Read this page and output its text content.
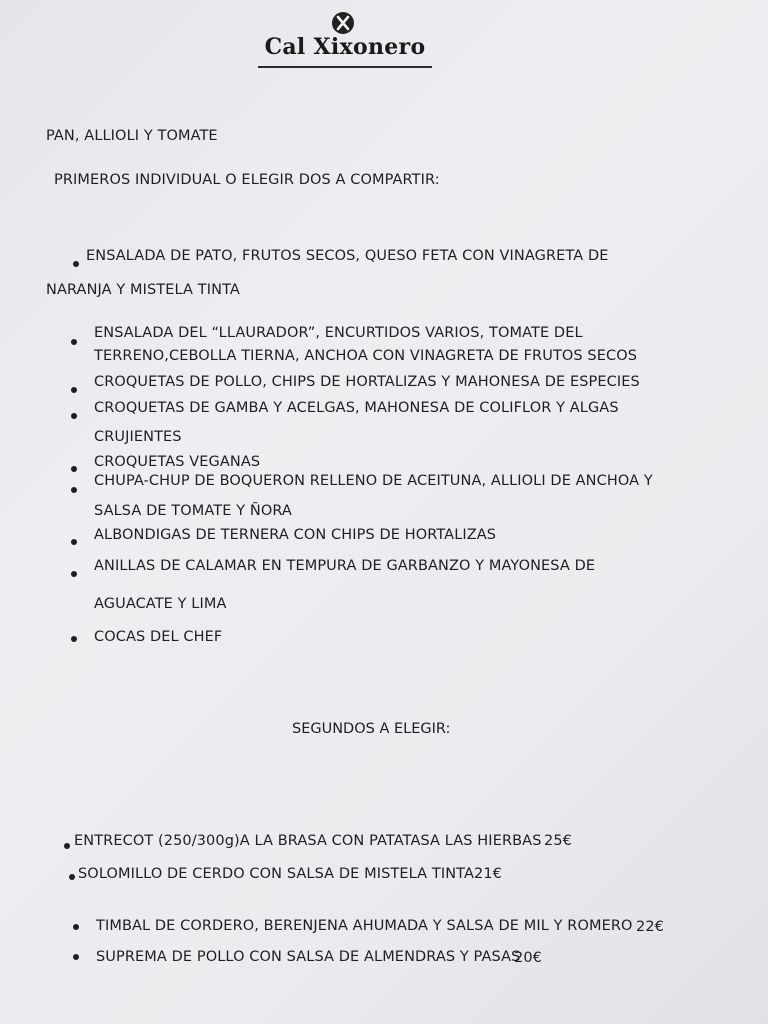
Cal Xixonero
PAN, ALLIOLI Y TOMATE
PRIMEROS INDIVIDUAL O ELEGIR DOS A COMPARTIR:
ENSALADA DE PATO, FRUTOS SECOS, QUESO FETA CON VINAGRETA DE
NARANJA Y MISTELA TINTA
ENSALADA DEL “LLAURADOR”, ENCURTIDOS VARIOS, TOMATE DEL
TERRENO,CEBOLLA TIERNA, ANCHOA CON VINAGRETA DE FRUTOS SECOS
CROQUETAS DE POLLO, CHIPS DE HORTALIZAS Y MAHONESA DE ESPECIES
CROQUETAS DE GAMBA Y ACELGAS, MAHONESA DE COLIFLOR Y ALGAS
CRUJIENTES
CROQUETAS VEGANAS
CHUPA-CHUP DE BOQUERON RELLENO DE ACEITUNA, ALLIOLI DE ANCHOA Y
SALSA DE TOMATE Y ÑORA
ALBONDIGAS DE TERNERA CON CHIPS DE HORTALIZAS
ANILLAS DE CALAMAR EN TEMPURA DE GARBANZO Y MAYONESA DE
AGUACATE Y LIMA
COCAS DEL CHEF
SEGUNDOS A ELEGIR:
ENTRECOT (250/300g)A LA BRASA CON PATATASA LAS HIERBAS 25€
SOLOMILLO DE CERDO CON SALSA DE MISTELA TINTA 21€
TIMBAL DE CORDERO, BERENJENA AHUMADA Y SALSA DE MIL Y ROMERO 22€
SUPREMA DE POLLO CON SALSA DE ALMENDRAS Y PASAS
20€
